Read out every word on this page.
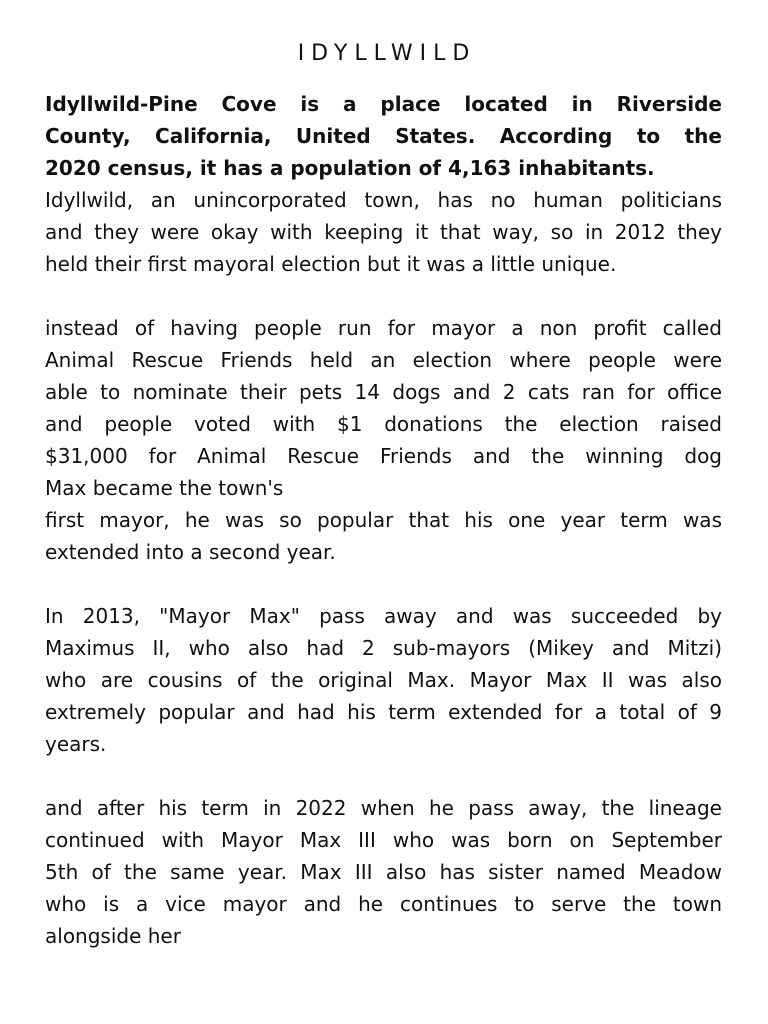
IDYLLWILD
Idyllwild-Pine Cove is a place located in Riverside
County, California, United States. According to the
2020 census, it has a population of 4,163 inhabitants.
Idyllwild, an unincorporated town, has no human politicians
and they were okay with keeping it that way, so in 2012 they
held their first mayoral election but it was a little unique.
instead of having people run for mayor a non profit called
Animal Rescue Friends held an election where people were
able to nominate their pets 14 dogs and 2 cats ran for office
and people voted with $1 donations the election raised
$31,000 for Animal Rescue Friends and the winning dog
Max became the town's
first mayor, he was so popular that his one year term was
extended into a second year.
In 2013, "Mayor Max" pass away and was succeeded by
Maximus II, who also had 2 sub-mayors (Mikey and Mitzi)
who are cousins of the original Max. Mayor Max II was also
extremely popular and had his term extended for a total of 9
years.
and after his term in 2022 when he pass away, the lineage
continued with Mayor Max III who was born on September
5th of the same year. Max III also has sister named Meadow
who is a vice mayor and he continues to serve the town
alongside her
